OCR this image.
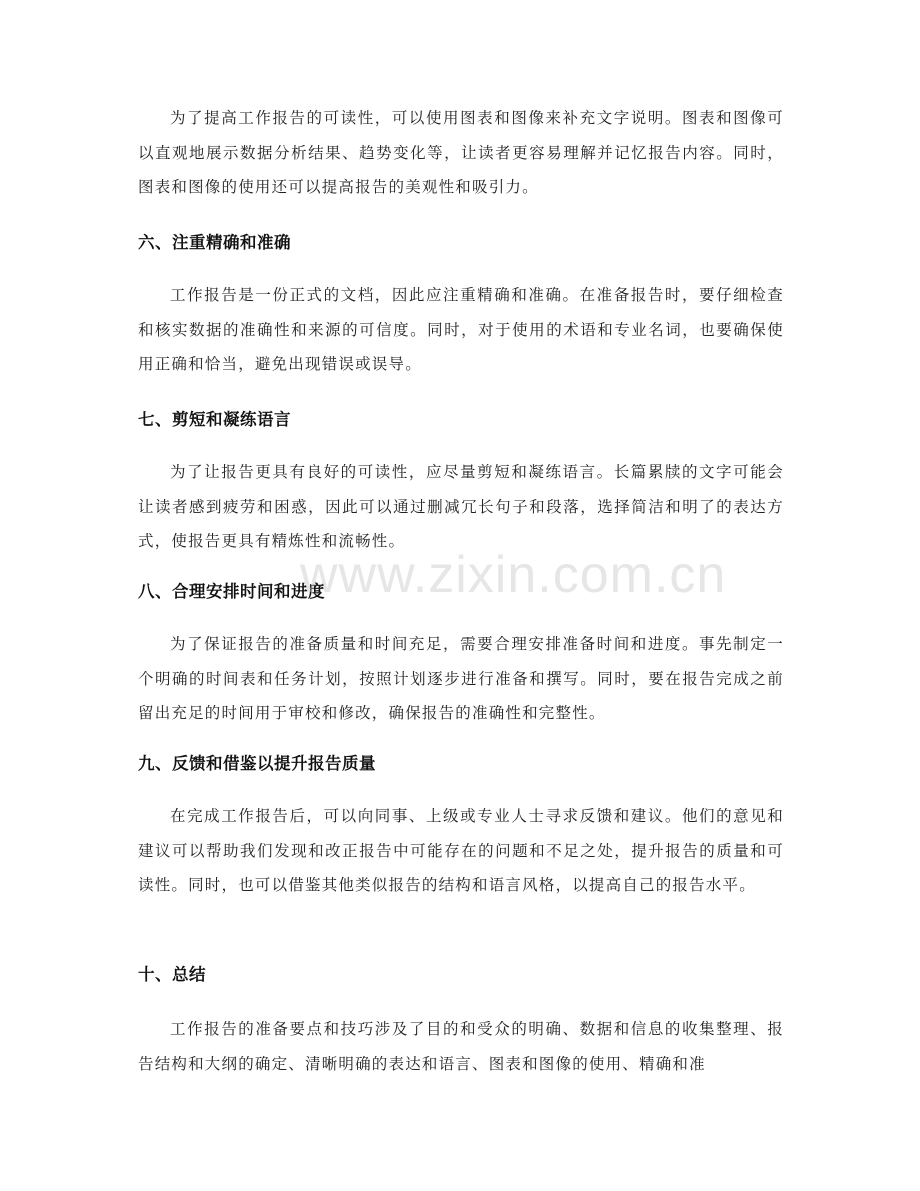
为了提高工作报告的可读性，可以使用图表和图像来补充文字说明。图表和图像可以直观地展示数据分析结果、趋势变化等，让读者更容易理解并记忆报告内容。同时，图表和图像的使用还可以提高报告的美观性和吸引力。

六、注重精确和准确

工作报告是一份正式的文档，因此应注重精确和准确。在准备报告时，要仔细检查和核实数据的准确性和来源的可信度。同时，对于使用的术语和专业名词，也要确保使用正确和恰当，避免出现错误或误导。

七、剪短和凝练语言

为了让报告更具有良好的可读性，应尽量剪短和凝练语言。长篇累牍的文字可能会让读者感到疲劳和困惑，因此可以通过删减冗长句子和段落，选择简洁和明了的表达方式，使报告更具有精炼性和流畅性。

八、合理安排时间和进度

为了保证报告的准备质量和时间充足，需要合理安排准备时间和进度。事先制定一个明确的时间表和任务计划，按照计划逐步进行准备和撰写。同时，要在报告完成之前留出充足的时间用于审校和修改，确保报告的准确性和完整性。

九、反馈和借鉴以提升报告质量

在完成工作报告后，可以向同事、上级或专业人士寻求反馈和建议。他们的意见和建议可以帮助我们发现和改正报告中可能存在的问题和不足之处，提升报告的质量和可读性。同时，也可以借鉴其他类似报告的结构和语言风格，以提高自己的报告水平。

十、总结

工作报告的准备要点和技巧涉及了目的和受众的明确、数据和信息的收集整理、报告结构和大纲的确定、清晰明确的表达和语言、图表和图像的使用、精确和准

www.zixin.com.cn
